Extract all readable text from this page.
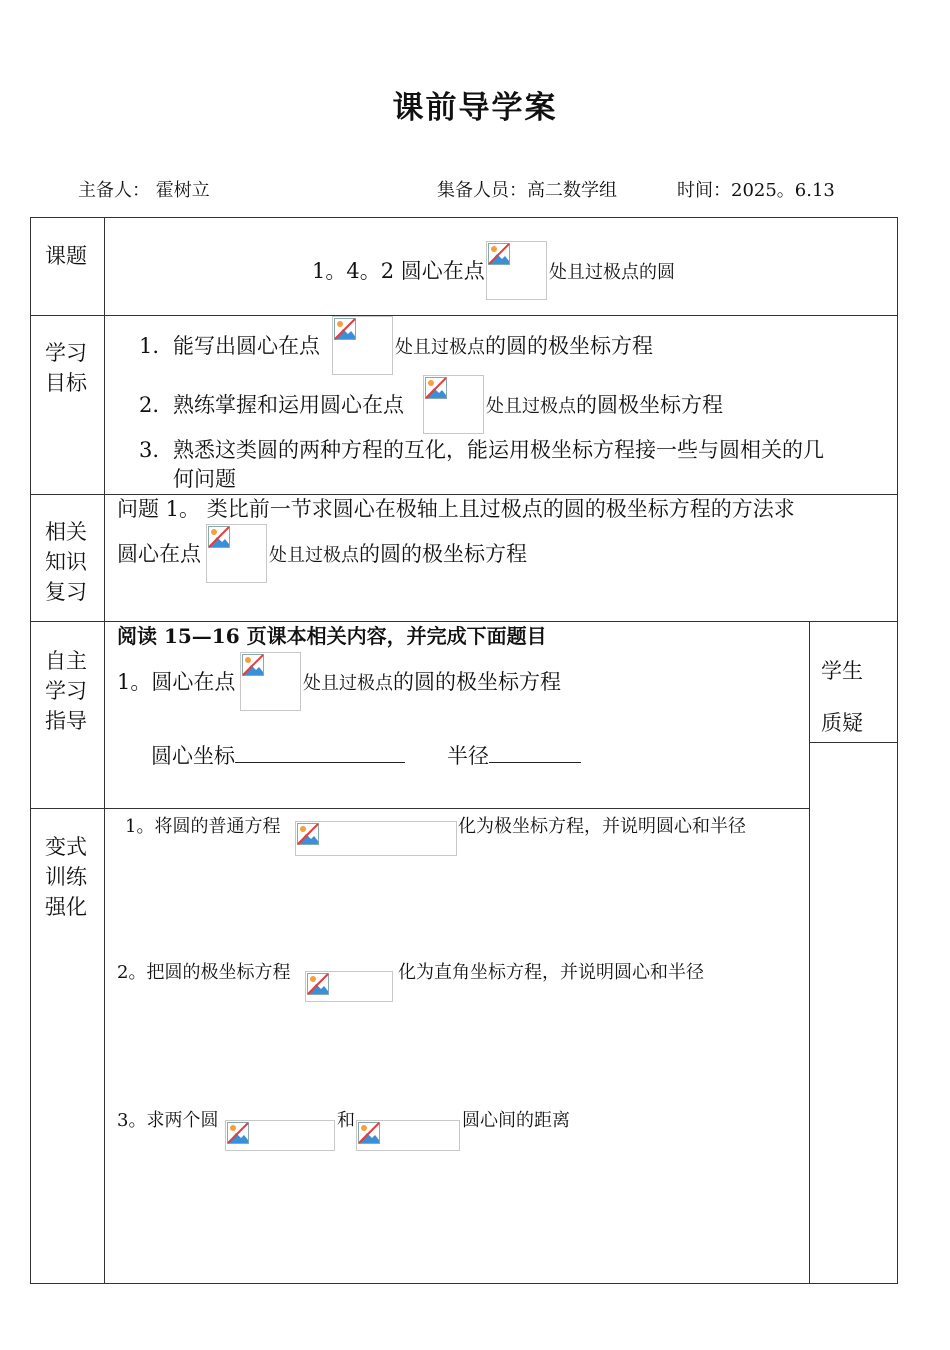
课前导学案
主备人： 霍树立	集备人员：高二数学组	时间：2025。6.13
课题
1。4。2 圆心在点	处且过极点的圆
学习目标
1. 能写出圆心在点	处且过极点的圆的极坐标方程
2. 熟练掌握和运用圆心在点	处且过极点的圆极坐标方程
3. 熟悉这类圆的两种方程的互化，能运用极坐标方程接一些与圆相关的几
何问题
相关知识复习
问题 1。 类比前一节求圆心在极轴上且过极点的圆的极坐标方程的方法求
圆心在点	处且过极点的圆的极坐标方程
自主学习指导
阅读 15—16 页课本相关内容，并完成下面题目
1。圆心在点	处且过极点的圆的极坐标方程
圆心坐标	半径
学生质疑
变式训练强化
1。将圆的普通方程	化为极坐标方程，并说明圆心和半径
2。把圆的极坐标方程	化为直角坐标方程，并说明圆心和半径
3。求两个圆	和	圆心间的距离
